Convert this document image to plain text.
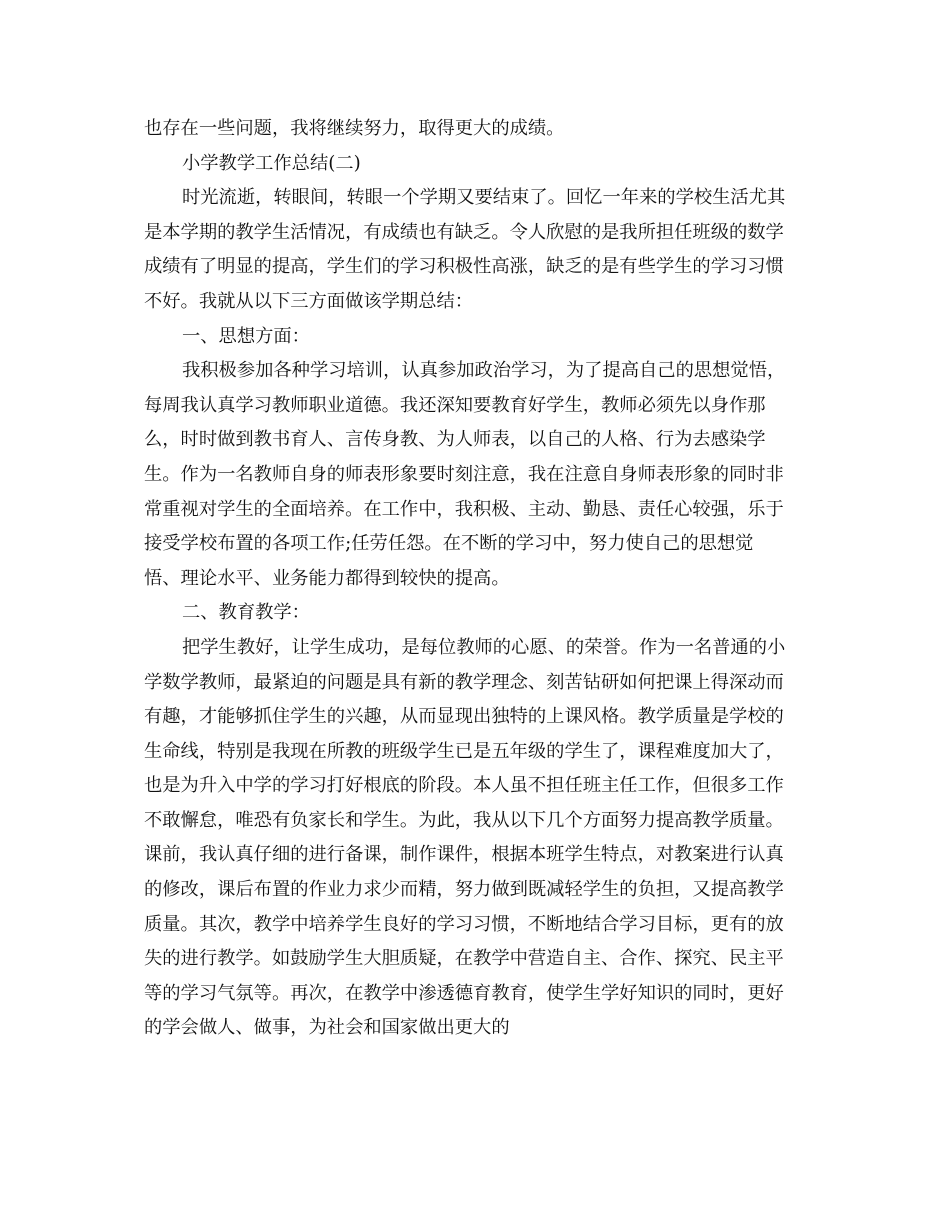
也存在一些问题，我将继续努力，取得更大的成绩。
小学教学工作总结(二)
时光流逝，转眼间，转眼一个学期又要结束了。回忆一年来的学校生活尤其
是本学期的教学生活情况，有成绩也有缺乏。令人欣慰的是我所担任班级的数学
成绩有了明显的提高，学生们的学习积极性高涨，缺乏的是有些学生的学习习惯
不好。我就从以下三方面做该学期总结：
一、思想方面：
我积极参加各种学习培训，认真参加政治学习，为了提高自己的思想觉悟，
每周我认真学习教师职业道德。我还深知要教育好学生，教师必须先以身作那
么，时时做到教书育人、言传身教、为人师表，以自己的人格、行为去感染学
生。作为一名教师自身的师表形象要时刻注意，我在注意自身师表形象的同时非
常重视对学生的全面培养。在工作中，我积极、主动、勤恳、责任心较强，乐于
接受学校布置的各项工作;任劳任怨。在不断的学习中，努力使自己的思想觉
悟、理论水平、业务能力都得到较快的提高。
二、教育教学：
把学生教好，让学生成功，是每位教师的心愿、的荣誉。作为一名普通的小
学数学教师，最紧迫的问题是具有新的教学理念、刻苦钻研如何把课上得深动而
有趣，才能够抓住学生的兴趣，从而显现出独特的上课风格。教学质量是学校的
生命线，特别是我现在所教的班级学生已是五年级的学生了，课程难度加大了，
也是为升入中学的学习打好根底的阶段。本人虽不担任班主任工作，但很多工作
不敢懈怠，唯恐有负家长和学生。为此，我从以下几个方面努力提高教学质量。
课前，我认真仔细的进行备课，制作课件，根据本班学生特点，对教案进行认真
的修改，课后布置的作业力求少而精，努力做到既减轻学生的负担，又提高教学
质量。其次，教学中培养学生良好的学习习惯，不断地结合学习目标，更有的放
失的进行教学。如鼓励学生大胆质疑，在教学中营造自主、合作、探究、民主平
等的学习气氛等。再次，在教学中渗透德育教育，使学生学好知识的同时，更好
的学会做人、做事，为社会和国家做出更大的
